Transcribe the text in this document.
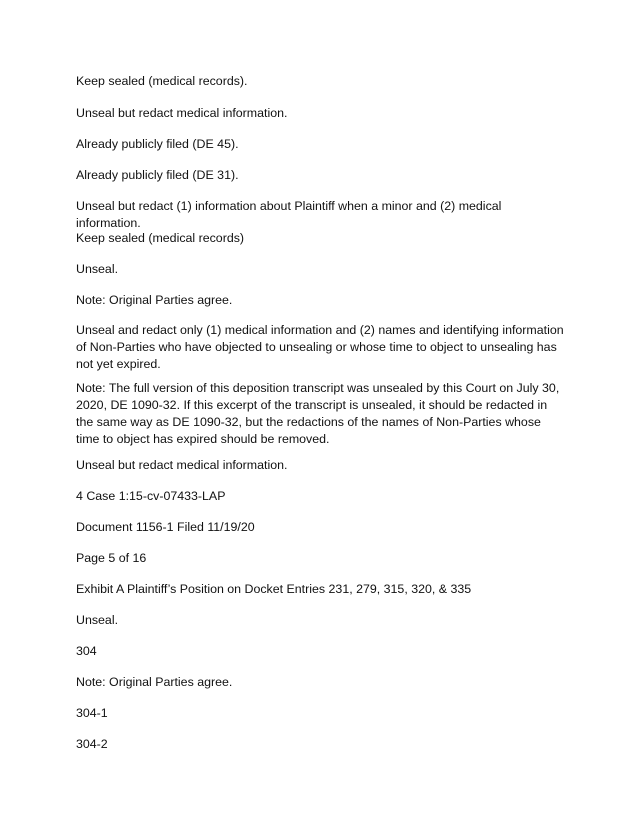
Keep sealed (medical records).

Unseal but redact medical information.

Already publicly filed (DE 45).

Already publicly filed (DE 31).

Unseal but redact (1) information about Plaintiff when a minor and (2) medical information.

Keep sealed (medical records)

Unseal.

Note: Original Parties agree.

Unseal and redact only (1) medical information and (2) names and identifying information of Non-Parties who have objected to unsealing or whose time to object to unsealing has not yet expired.

Note: The full version of this deposition transcript was unsealed by this Court on July 30, 2020, DE 1090-32. If this excerpt of the transcript is unsealed, it should be redacted in the same way as DE 1090-32, but the redactions of the names of Non-Parties whose time to object has expired should be removed.

Unseal but redact medical information.

4 Case 1:15-cv-07433-LAP

Document 1156-1 Filed 11/19/20

Page 5 of 16

Exhibit A Plaintiff’s Position on Docket Entries 231, 279, 315, 320, & 335

Unseal.

304

Note: Original Parties agree.

304-1

304-2
